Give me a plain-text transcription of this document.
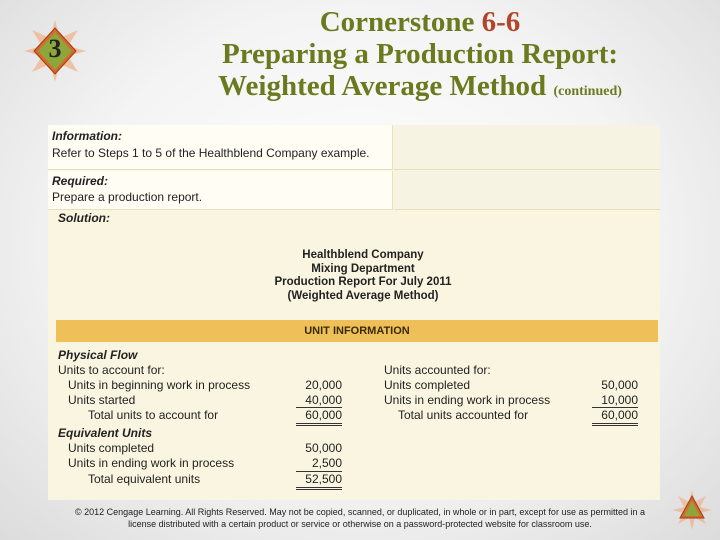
3
Cornerstone 6-6
Preparing a Production Report:
Weighted Average Method (continued)
Information:
Refer to Steps 1 to 5 of the Healthblend Company example.
Required:
Prepare a production report.
Solution:
Healthblend Company
Mixing Department
Production Report For July 2011
(Weighted Average Method)
UNIT INFORMATION
Physical Flow
Units to account for:
Units in beginning work in process	20,000
Units started	40,000
Total units to account for	60,000
Units accounted for:
Units completed	50,000
Units in ending work in process	10,000
Total units accounted for	60,000
Equivalent Units
Units completed	50,000
Units in ending work in process	2,500
Total equivalent units	52,500
© 2012 Cengage Learning. All Rights Reserved. May not be copied, scanned, or duplicated, in whole or in part, except for use as permitted in a
license distributed with a certain product or service or otherwise on a password-protected website for classroom use.
